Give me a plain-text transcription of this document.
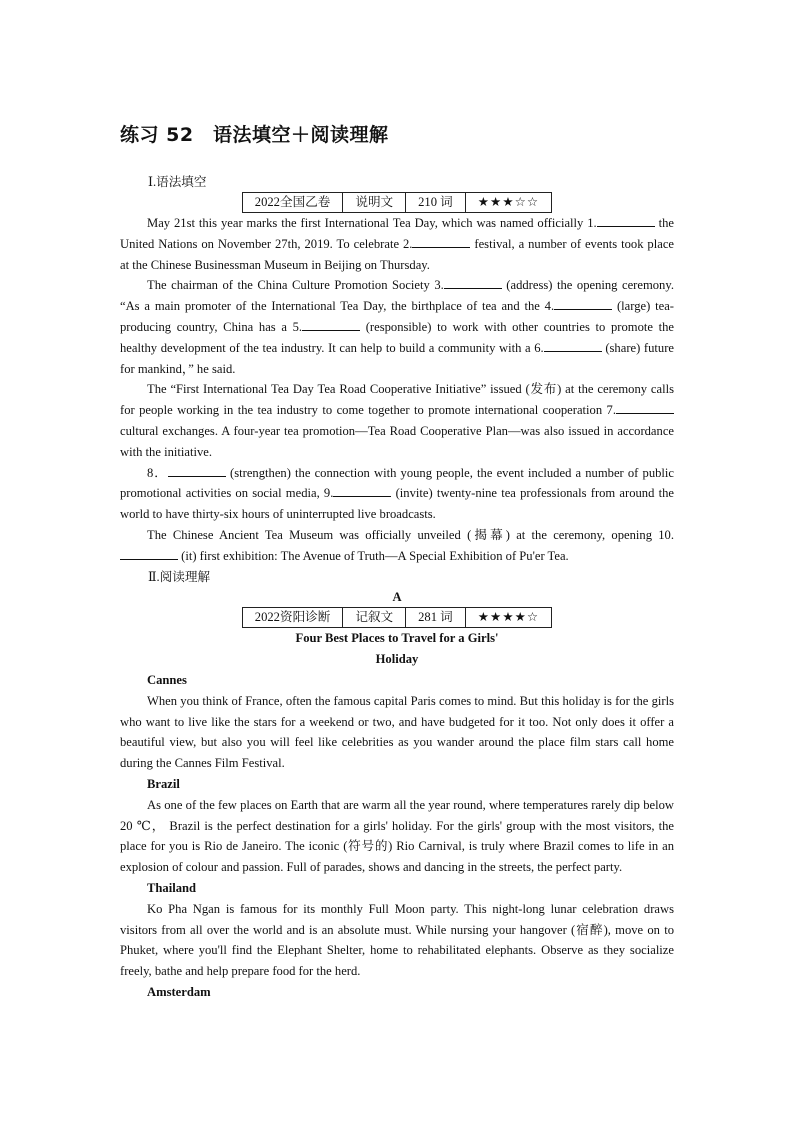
练习 52　语法填空＋阅读理解
Ⅰ.语法填空
2022全国乙卷	说明文	210 词	★★★☆☆

May 21st this year marks the first International Tea Day, which was named officially 1.	the United Nations on November 27th, 2019. To celebrate 2.	festival, a number of events took place at the Chinese Businessman Museum in Beijing on Thursday.

The chairman of the China Culture Promotion Society 3.	(address) the opening ceremony. “As a main promoter of the International Tea Day, the birthplace of tea and the 4.	(large) tea-producing country, China has a 5.	(responsible) to work with other countries to promote the healthy development of the tea industry. It can help to build a community with a 6.	(share) future for mankind，” he said.

The “First International Tea Day Tea Road Cooperative Initiative” issued (发布) at the ceremony calls for people working in the tea industry to come together to promote international cooperation 7. cultural exchanges. A four-year tea promotion—Tea Road Cooperative Plan—was also issued in accordance with the initiative.

8．	(strengthen) the connection with young people, the event included a number of public promotional activities on social media, 9.	(invite) twenty-nine tea professionals from around the world to have thirty-six hours of uninterrupted live broadcasts.

The Chinese Ancient Tea Museum was officially unveiled (揭幕) at the ceremony, opening 10. (it) first exhibition: The Avenue of Truth—A Special Exhibition of Pu'er Tea.

Ⅱ.阅读理解

A

2022资阳诊断	记叙文	281 词	★★★★☆

Four Best Places to Travel for a Girls'

Holiday

Cannes

When you think of France, often the famous capital Paris comes to mind. But this holiday is for the girls who want to live like the stars for a weekend or two, and have budgeted for it too. Not only does it offer a beautiful view, but also you will feel like celebrities as you wander around the place film stars call home during the Cannes Film Festival.

Brazil

As one of the few places on Earth that are warm all the year round, where temperatures rarely dip below 20 ℃， Brazil is the perfect destination for a girls' holiday. For the girls' group with the most visitors, the place for you is Rio de Janeiro. The iconic (符号的) Rio Carnival, is truly where Brazil comes to life in an explosion of colour and passion. Full of parades, shows and dancing in the streets, the perfect party.

Thailand

Ko Pha Ngan is famous for its monthly Full Moon party. This night-long lunar celebration draws visitors from all over the world and is an absolute must. While nursing your hangover (宿醉), move on to Phuket, where you'll find the Elephant Shelter, home to rehabilitated elephants. Observe as they socialize freely, bathe and help prepare food for the herd.

Amsterdam
